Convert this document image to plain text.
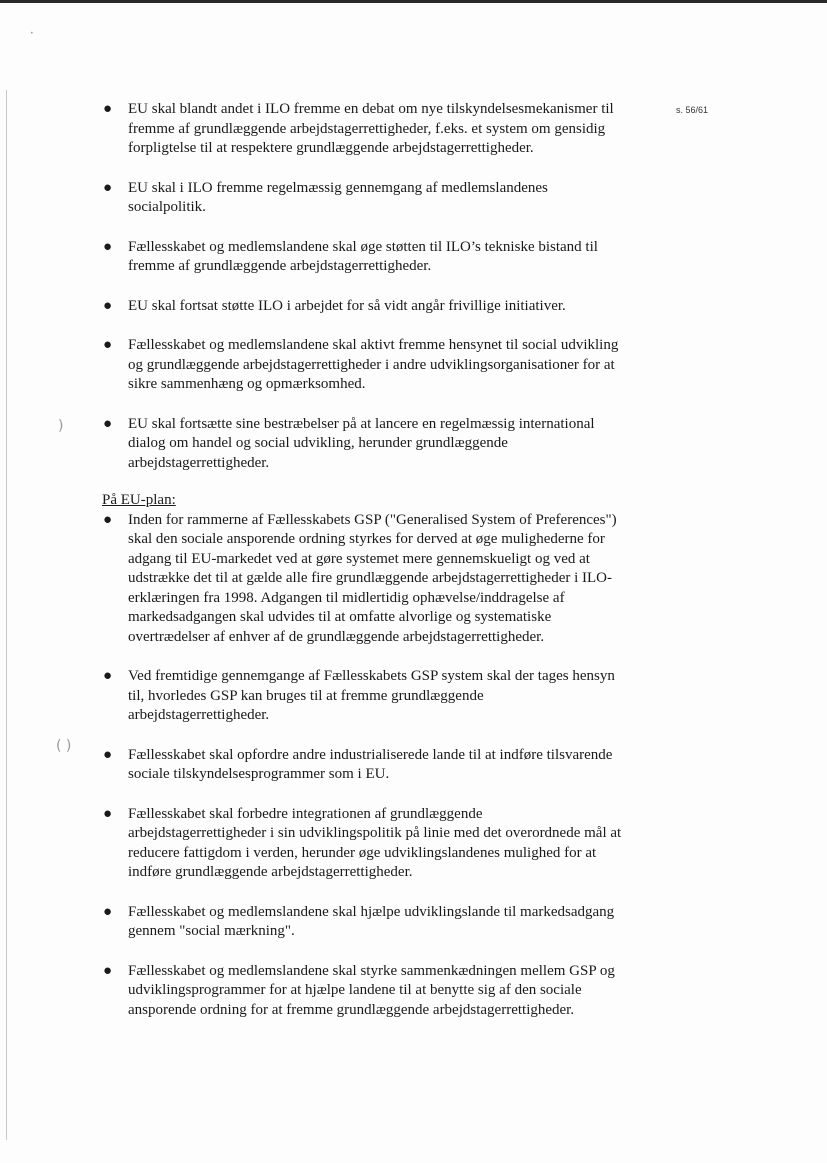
•
)
( )
s. 56/61
● EU skal blandt andet i ILO fremme en debat om nye tilskyndelsesmekanismer til fremme af grundlæggende arbejdstagerrettigheder, f.eks. et system om gensidig forpligtelse til at respektere grundlæggende arbejdstagerrettigheder.
● EU skal i ILO fremme regelmæssig gennemgang af medlemslandenes socialpolitik.
● Fællesskabet og medlemslandene skal øge støtten til ILO’s tekniske bistand til fremme af grundlæggende arbejdstagerrettigheder.
● EU skal fortsat støtte ILO i arbejdet for så vidt angår frivillige initiativer.
● Fællesskabet og medlemslandene skal aktivt fremme hensynet til social udvikling og grundlæggende arbejdstagerrettigheder i andre udviklingsorganisationer for at sikre sammenhæng og opmærksomhed.
● EU skal fortsætte sine bestræbelser på at lancere en regelmæssig international dialog om handel og social udvikling, herunder grundlæggende arbejdstagerrettigheder.

På EU-plan:

● Inden for rammerne af Fællesskabets GSP ("Generalised System of Preferences") skal den sociale ansporende ordning styrkes for derved at øge mulighederne for adgang til EU-markedet ved at gøre systemet mere gennemskueligt og ved at udstrække det til at gælde alle fire grundlæggende arbejdstagerrettigheder i ILO-erklæringen fra 1998. Adgangen til midlertidig ophævelse/inddragelse af markedsadgangen skal udvides til at omfatte alvorlige og systematiske overtrædelser af enhver af de grundlæggende arbejdstagerrettigheder.
● Ved fremtidige gennemgange af Fællesskabets GSP system skal der tages hensyn til, hvorledes GSP kan bruges til at fremme grundlæggende arbejdstagerrettigheder.
● Fællesskabet skal opfordre andre industrialiserede lande til at indføre tilsvarende sociale tilskyndelsesprogrammer som i EU.
● Fællesskabet skal forbedre integrationen af grundlæggende arbejdstagerrettigheder i sin udviklingspolitik på linie med det overordnede mål at reducere fattigdom i verden, herunder øge udviklingslandenes mulighed for at indføre grundlæggende arbejdstagerrettigheder.
● Fællesskabet og medlemslandene skal hjælpe udviklingslande til markedsadgang gennem "social mærkning".
● Fællesskabet og medlemslandene skal styrke sammenkædningen mellem GSP og udviklingsprogrammer for at hjælpe landene til at benytte sig af den sociale ansporende ordning for at fremme grundlæggende arbejdstagerrettigheder.
